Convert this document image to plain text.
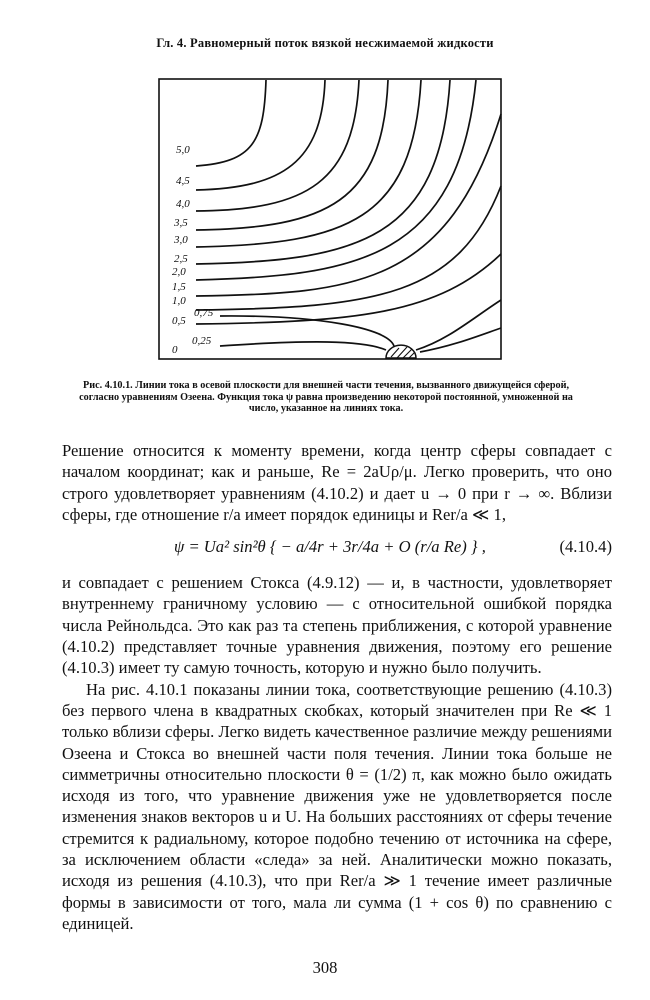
Гл. 4. Равномерный поток вязкой несжимаемой жидкости
5,0
4,5
4,0
3,5
3,0
2,5
2,0
1,5
1,0
0,5
0,75
0
0,25
Рис. 4.10.1. Линии тока в осевой плоскости для внешней части течения, вызванного движущейся сферой, согласно уравнениям Озеена. Функция тока ψ равна произведению некоторой постоянной, умноженной на число, указанное на линиях тока.

Решение относится к моменту времени, когда центр сферы совпадает с началом координат; как и раньше, Re = 2aUρ/μ. Легко проверить, что оно строго удовлетворяет уравнениям (4.10.2) и дает u → 0 при r → ∞. Вблизи сферы, где отношение r/a имеет порядок единицы и Rer/a ≪ 1,

ψ = Ua² sin²θ { − a/4r + 3r/4a + O (r/a Re) } ,	(4.10.4)

и совпадает с решением Стокса (4.9.12) — и, в частности, удовлетворяет внутреннему граничному условию — с относительной ошибкой порядка числа Рейнольдса. Это как раз та степень приближения, с которой уравнение (4.10.2) представляет точные уравнения движения, поэтому его решение (4.10.3) имеет ту самую точность, которую и нужно было получить.

На рис. 4.10.1 показаны линии тока, соответствующие решению (4.10.3) без первого члена в квадратных скобках, который значителен при Re ≪ 1 только вблизи сферы. Легко видеть качественное различие между решениями Озеена и Стокса во внешней части поля течения. Линии тока больше не симметричны относительно плоскости θ = (1/2) π, как можно было ожидать исходя из того, что уравнение движения уже не удовлетворяется после изменения знаков векторов u и U. На больших расстояниях от сферы течение стремится к радиальному, которое подобно течению от источника на сфере, за исключением области «следа» за ней. Аналитически можно показать, исходя из решения (4.10.3), что при Rer/a ≫ 1 течение имеет различные формы в зависимости от того, мала ли сумма (1 + cos θ) по сравнению с единицей.

308
